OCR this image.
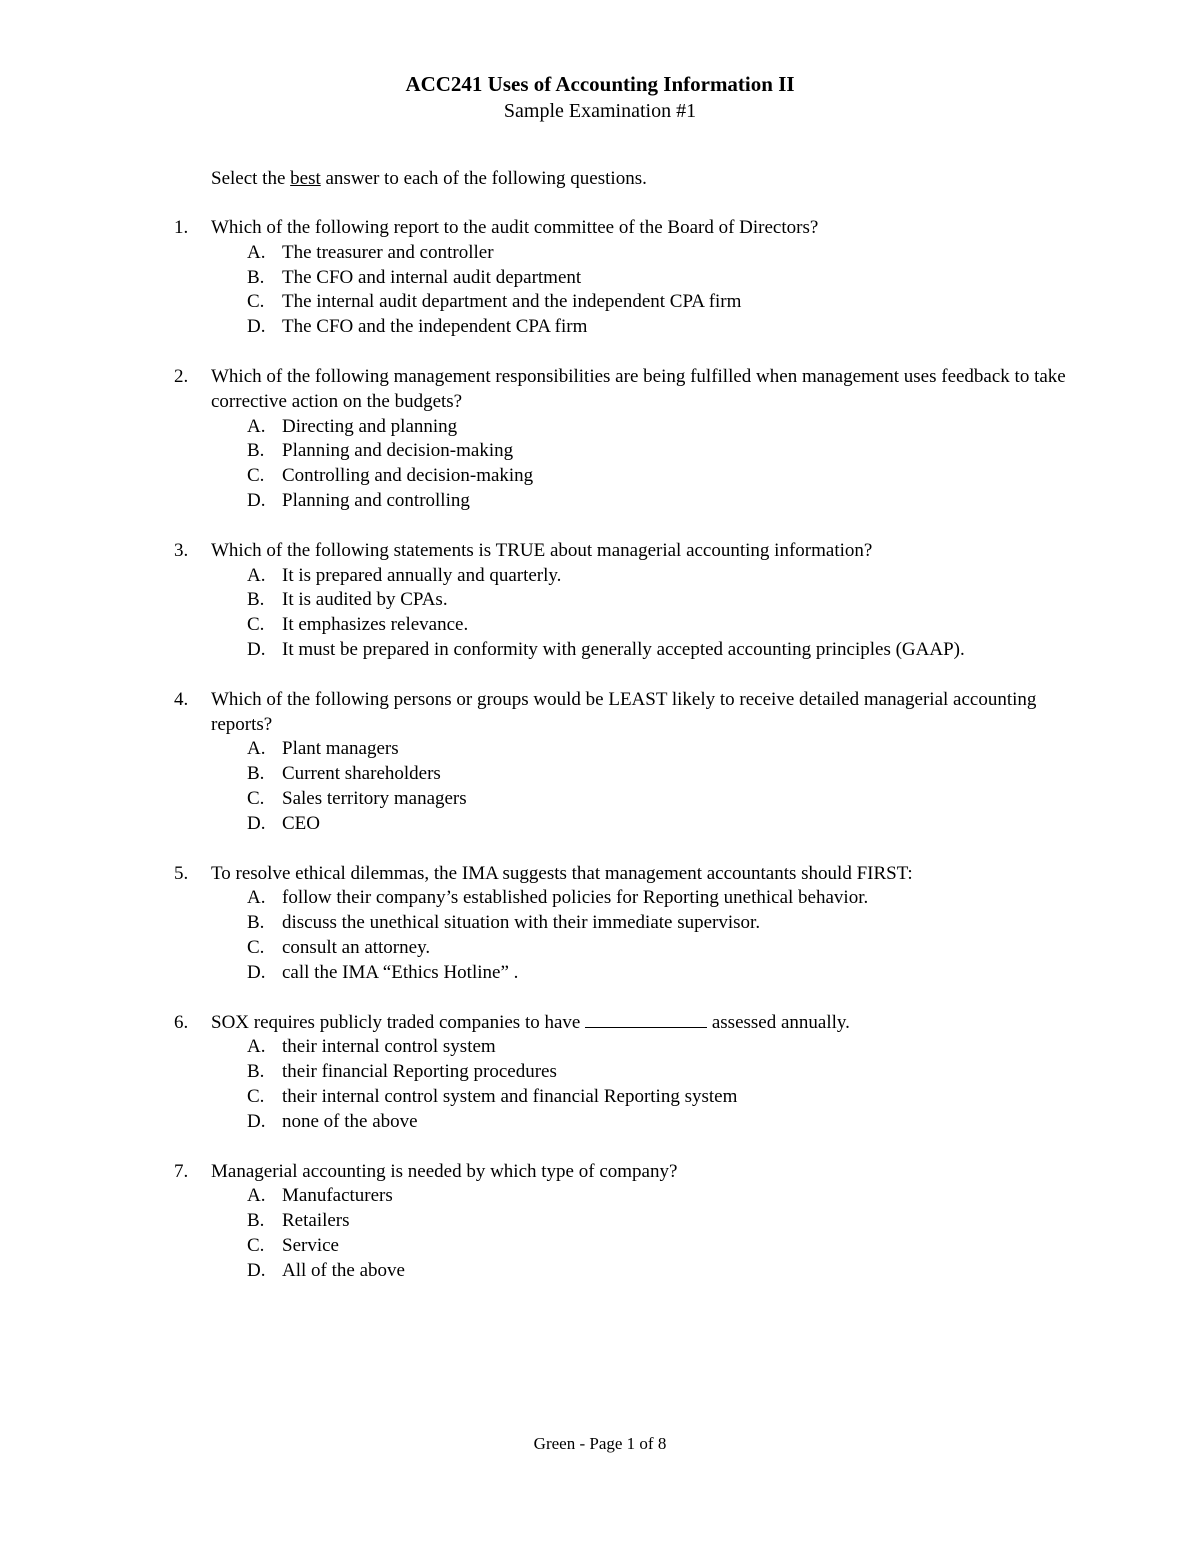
ACC241 Uses of Accounting Information II
Sample Examination #1
Select the best answer to each of the following questions.
1. Which of the following report to the audit committee of the Board of Directors?
A. The treasurer and controller
B. The CFO and internal audit department
C. The internal audit department and the independent CPA firm
D. The CFO and the independent CPA firm
2. Which of the following management responsibilities are being fulfilled when management uses feedback to take corrective action on the budgets?
A. Directing and planning
B. Planning and decision-making
C. Controlling and decision-making
D. Planning and controlling
3. Which of the following statements is TRUE about managerial accounting information?
A. It is prepared annually and quarterly.
B. It is audited by CPAs.
C. It emphasizes relevance.
D. It must be prepared in conformity with generally accepted accounting principles (GAAP).
4. Which of the following persons or groups would be LEAST likely to receive detailed managerial accounting reports?
A. Plant managers
B. Current shareholders
C. Sales territory managers
D. CEO
5. To resolve ethical dilemmas, the IMA suggests that management accountants should FIRST:
A. follow their company’s established policies for Reporting unethical behavior.
B. discuss the unethical situation with their immediate supervisor.
C. consult an attorney.
D. call the IMA “Ethics Hotline” .
6. SOX requires publicly traded companies to have	assessed annually.
A. their internal control system
B. their financial Reporting procedures
C. their internal control system and financial Reporting system
D. none of the above
7. Managerial accounting is needed by which type of company?
A. Manufacturers
B. Retailers
C. Service
D. All of the above
Green - Page 1 of 8
